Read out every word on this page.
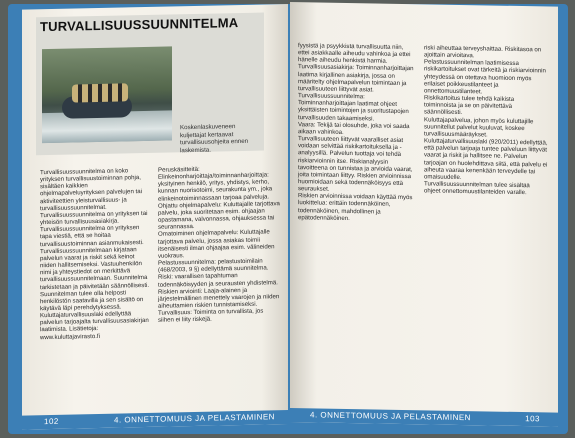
TURVALLISUUSSUUNNITELMA
Koskenlaskuveneen kuljettajat kertaavat turvallisuusohjeita ennen laskemista.
Turvallisuussuunnitelma on koko yrityksen turvallisuustoiminnan pohja, sisältäen kaikkien ohjelmapalveluyrityksen palvelujen tai aktiviteettien yleisturvallisuus- ja turvallisuussuunnitelmat. Turvallisuussuunnitelma on yrityksen tai yhteisön turvallisuusasiakirja. Turvallisuussuunnitelma on yrityksen tapa viestiä, että se hoitaa turvallisuustoiminnan asianmukaisesti. Turvallisuussuunnitelmaan kirjataan palvelun vaarat ja riskit sekä keinot niiden hallitsemiseksi. Vastuuhenkilön nimi ja yhteystiedot on merkittävä turvallisuussuunnitelmaan. Suunnitelma tarkistetaan ja päivitetään säännöllisesti. Suunnitelman tulee olla helposti henkilöstön saatavilla ja sen sisältö on käytävä läpi perehdytyksessä. Kuluttajaturvallisuuslaki edellyttää palvelun tarjoajalta turvallisuusasiakirjan laatimista. Lisätietoja: www.kuluttajavirasto.fi
Peruskäsitteitä:
Elinkeinonharjoittaja/toiminnanharjoittaja: yksityinen henkilö, yritys, yhdistys, kerho, kunnan nuorisotoimi, seurakunta ym., joka elinkeinotoiminnassaan tarjoaa palveluja.
Ohjattu ohjelmapalvelu: Kuluttajalle tarjottava palvelu, joka suoritetaan esim. ohjaajan opastamana, valvonnassa, ohjauksessa tai seurannassa.
Omatoiminen ohjelmapalvelu: Kuluttajalle tarjottava palvelu, jossa asiakas toimii itsenäisesti ilman ohjaajaa esim. välineiden vuokraus.
Pelastussuunnitelma: pelastustoimilain (468/2003, 9 §) edellyttämä suunnitelma.
Riski: vaarallisen tapahtuman todennäköisyyden ja seurausten yhdistelmä.
Riskien arviointi: Laaja-alainen ja järjestelmällinen menettely vaarojen ja niiden aiheuttamien riskien tunnistamiseksi.
Turvallisuus: Toiminta on turvallista, jos siihen ei liity riskejä.
102	4. ONNETTOMUUS JA PELASTAMINEN
fyysistä ja psyykkistä turvallisuutta niin, ettei asiakkaalle aiheudu vahinkoa ja ettei hänelle aiheudu henkistä harmia.
Turvallisuusasiakirja: Toiminnanharjoittajan laatima kirjallinen asiakirja, jossa on määritelty ohjelmapalvelun toimintaan ja turvallisuuteen liittyvät asiat.
Turvallisuussuunnitelma: Toiminnanharjoittajan laatimat ohjeet yksittäisten toimintojen ja suoritustapojen turvallisuuden takaamiseksi.
Vaara: Tekijä tai olosuhde, joka voi saada aikaan vahinkoa.
Turvallisuuteen liittyvät vaaralliset asiat voidaan selvittää riskikartoituksella ja -analyysillä. Palvelun tuottaja voi tehdä riskiarvioinnin itse. Riskianalyysin tavoitteena on tunnistaa ja arvioida vaarat, joita toimintaan liittyy. Riskien arvioinnissa huomioidaan sekä todennäköisyys että seuraukset.
Riskien arvioinnissa voidaan käyttää myös luokittelua: erittäin todennäköinen, todennäköinen, mahdollinen ja epätodennäköinen.
riski aiheuttaa terveyshaittaa. Riskitasoa on ajoittain arvioitava.
Pelastussuunnitelman laatimisessa riskikartoitukset ovat tärkeitä ja riskiarvioinnin yhteydessä on otettava huomioon myös erilaiset poikkeustilanteet ja onnettomuustilanteet.
Riskikartoitus tulee tehdä kaikista toiminnoista ja se on päivitettävä säännöllisesti.
Kuluttajapalvelua, johon myös kuluttajille suunnitellut palvelut kuuluvat, koskee turvallisuusmääräykset. Kuluttajaturvallisuuslaki (920/2011) edellyttää, että palvelun tarjoaja tuntee palveluun liittyvät vaarat ja riskit ja hallitsee ne. Palvelun tarjoajan on huolehdittava siitä, että palvelu ei aiheuta vaaraa kenenkään terveydelle tai omaisuudelle.
Turvallisuussuunnitelman tulee sisältää ohjeet onnettomuustilanteiden varalle.
4. ONNETTOMUUS JA PELASTAMINEN	103
